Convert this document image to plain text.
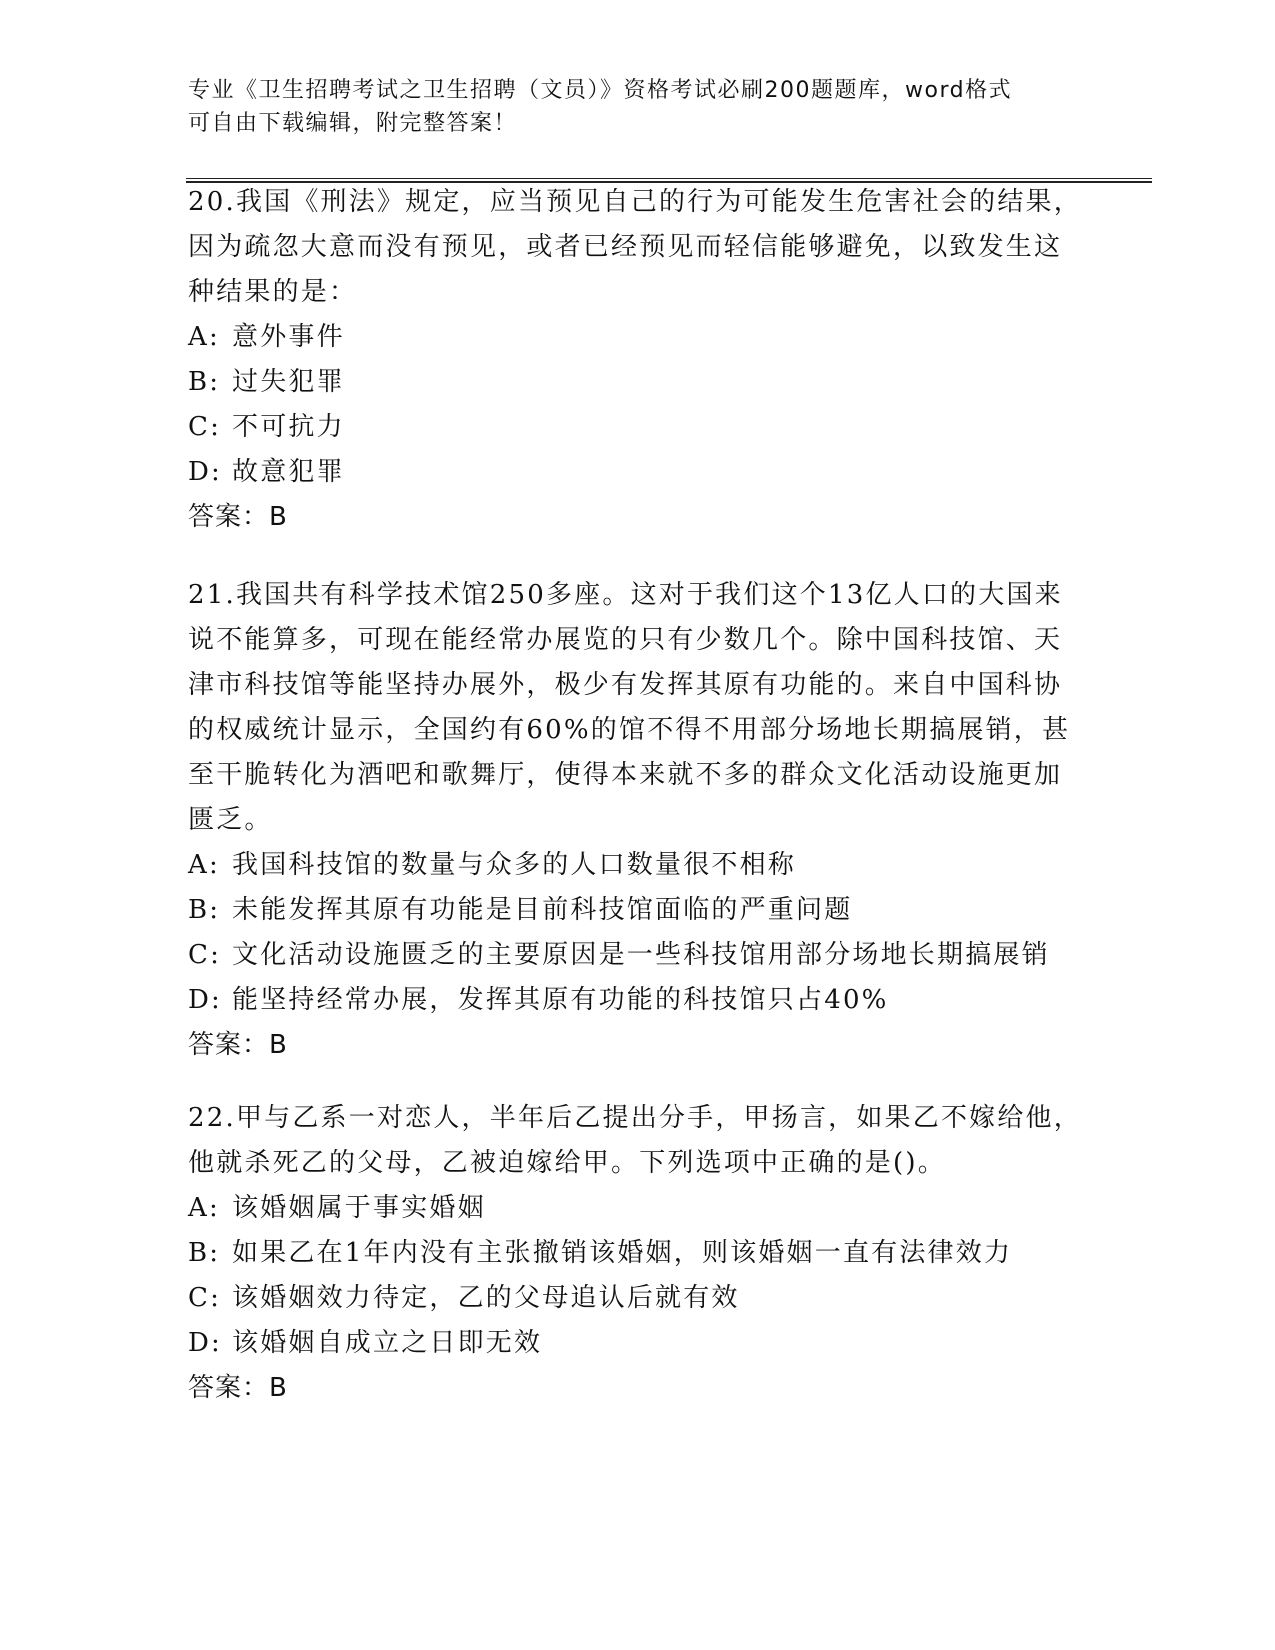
专业《卫生招聘考试之卫生招聘（文员）》资格考试必刷200题题库，word格式
可自由下载编辑，附完整答案！

20.我国《刑法》规定，应当预见自己的行为可能发生危害社会的结果，因为疏忽大意而没有预见，或者已经预见而轻信能够避免，以致发生这种结果的是：

A: 意外事件

B: 过失犯罪

C: 不可抗力

D: 故意犯罪

答案：B

21.我国共有科学技术馆250多座。这对于我们这个13亿人口的大国来说不能算多，可现在能经常办展览的只有少数几个。除中国科技馆、天津市科技馆等能坚持办展外，极少有发挥其原有功能的。来自中国科协的权威统计显示，全国约有60%的馆不得不用部分场地长期搞展销，甚至干脆转化为酒吧和歌舞厅，使得本来就不多的群众文化活动设施更加匮乏。

A: 我国科技馆的数量与众多的人口数量很不相称

B: 未能发挥其原有功能是目前科技馆面临的严重问题

C: 文化活动设施匮乏的主要原因是一些科技馆用部分场地长期搞展销

D: 能坚持经常办展，发挥其原有功能的科技馆只占40%

答案：B

22.甲与乙系一对恋人，半年后乙提出分手，甲扬言，如果乙不嫁给他，他就杀死乙的父母，乙被迫嫁给甲。下列选项中正确的是()。

A: 该婚姻属于事实婚姻

B: 如果乙在1年内没有主张撤销该婚姻，则该婚姻一直有法律效力

C: 该婚姻效力待定，乙的父母追认后就有效

D: 该婚姻自成立之日即无效

答案：B
